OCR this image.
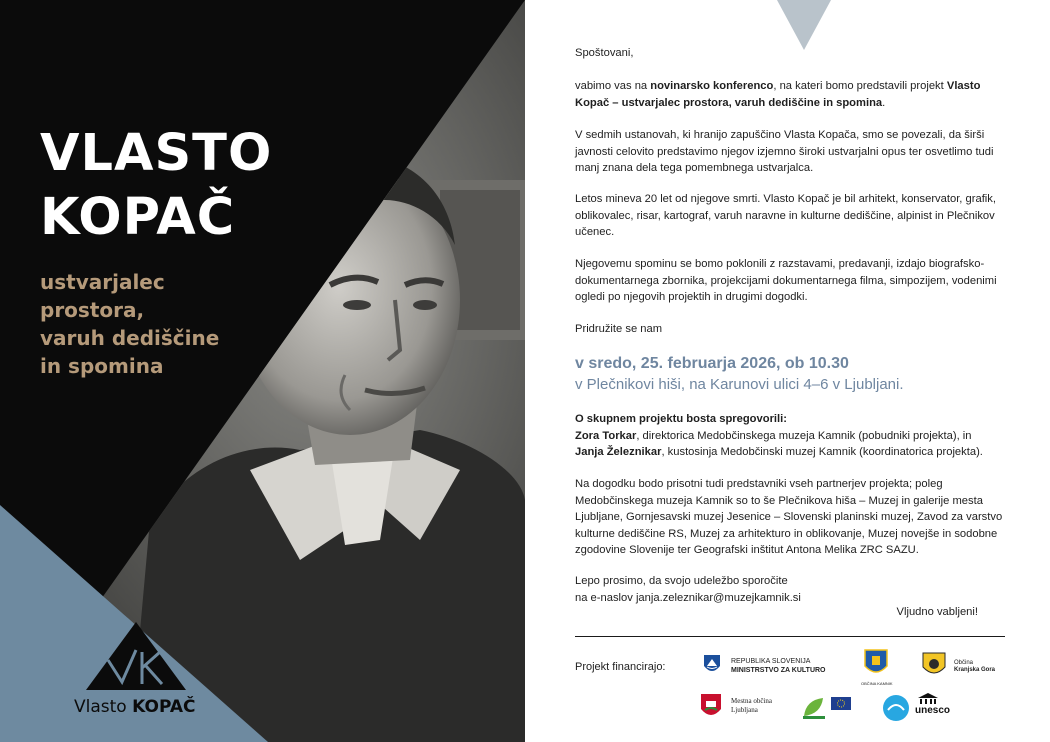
VLASTO
KOPAČ
ustvarjalec
prostora,
varuh dediščine
in spomina
Vlasto KOPAČ

Spoštovani,

vabimo vas na novinarsko konferenco, na kateri bomo predstavili projekt Vlasto Kopač – ustvarjalec prostora, varuh dediščine in spomina.

V sedmih ustanovah, ki hranijo zapuščino Vlasta Kopača, smo se povezali, da širši javnosti celovito predstavimo njegov izjemno široki ustvarjalni opus ter osvetlimo tudi manj znana dela tega pomembnega ustvarjalca.

Letos mineva 20 let od njegove smrti. Vlasto Kopač je bil arhitekt, konservator, grafik, oblikovalec, risar, kartograf, varuh naravne in kulturne dediščine, alpinist in Plečnikov učenec.

Njegovemu spominu se bomo poklonili z razstavami, predavanji, izdajo biografsko-dokumentarnega zbornika, projekcijami dokumentarnega filma, simpozijem, vodenimi ogledi po njegovih projektih in drugimi dogodki.

Pridružite se nam

v sredo, 25. februarja 2026, ob 10.30
v Plečnikovi hiši, na Karunovi ulici 4–6 v Ljubljani.

O skupnem projektu bosta spregovorili:
Zora Torkar, direktorica Medobčinskega muzeja Kamnik (pobudniki projekta), in
Janja Železnikar, kustosinja Medobčinski muzej Kamnik (koordinatorica projekta).

Na dogodku bodo prisotni tudi predstavniki vseh partnerjev projekta; poleg Medobčinskega muzeja Kamnik so to še Plečnikova hiša – Muzej in galerije mesta Ljubljane, Gornjesavski muzej Jesenice – Slovenski planinski muzej, Zavod za varstvo kulturne dediščine RS, Muzej za arhitekturo in oblikovanje, Muzej novejše in sodobne zgodovine Slovenije ter Geografski inštitut Antona Melika ZRC SAZU.

Lepo prosimo, da svojo udeležbo sporočite
na e-naslov janja.zeleznikar@muzejkamnik.si

Vljudno vabljeni!
Projekt financirajo:	REPUBLIKA SLOVENIJA
MINISTRSTVO ZA KULTURO
OBČINA KAMNIK
Občina
Kranjska Gora
Mestna občina
Ljubljana	unesco
